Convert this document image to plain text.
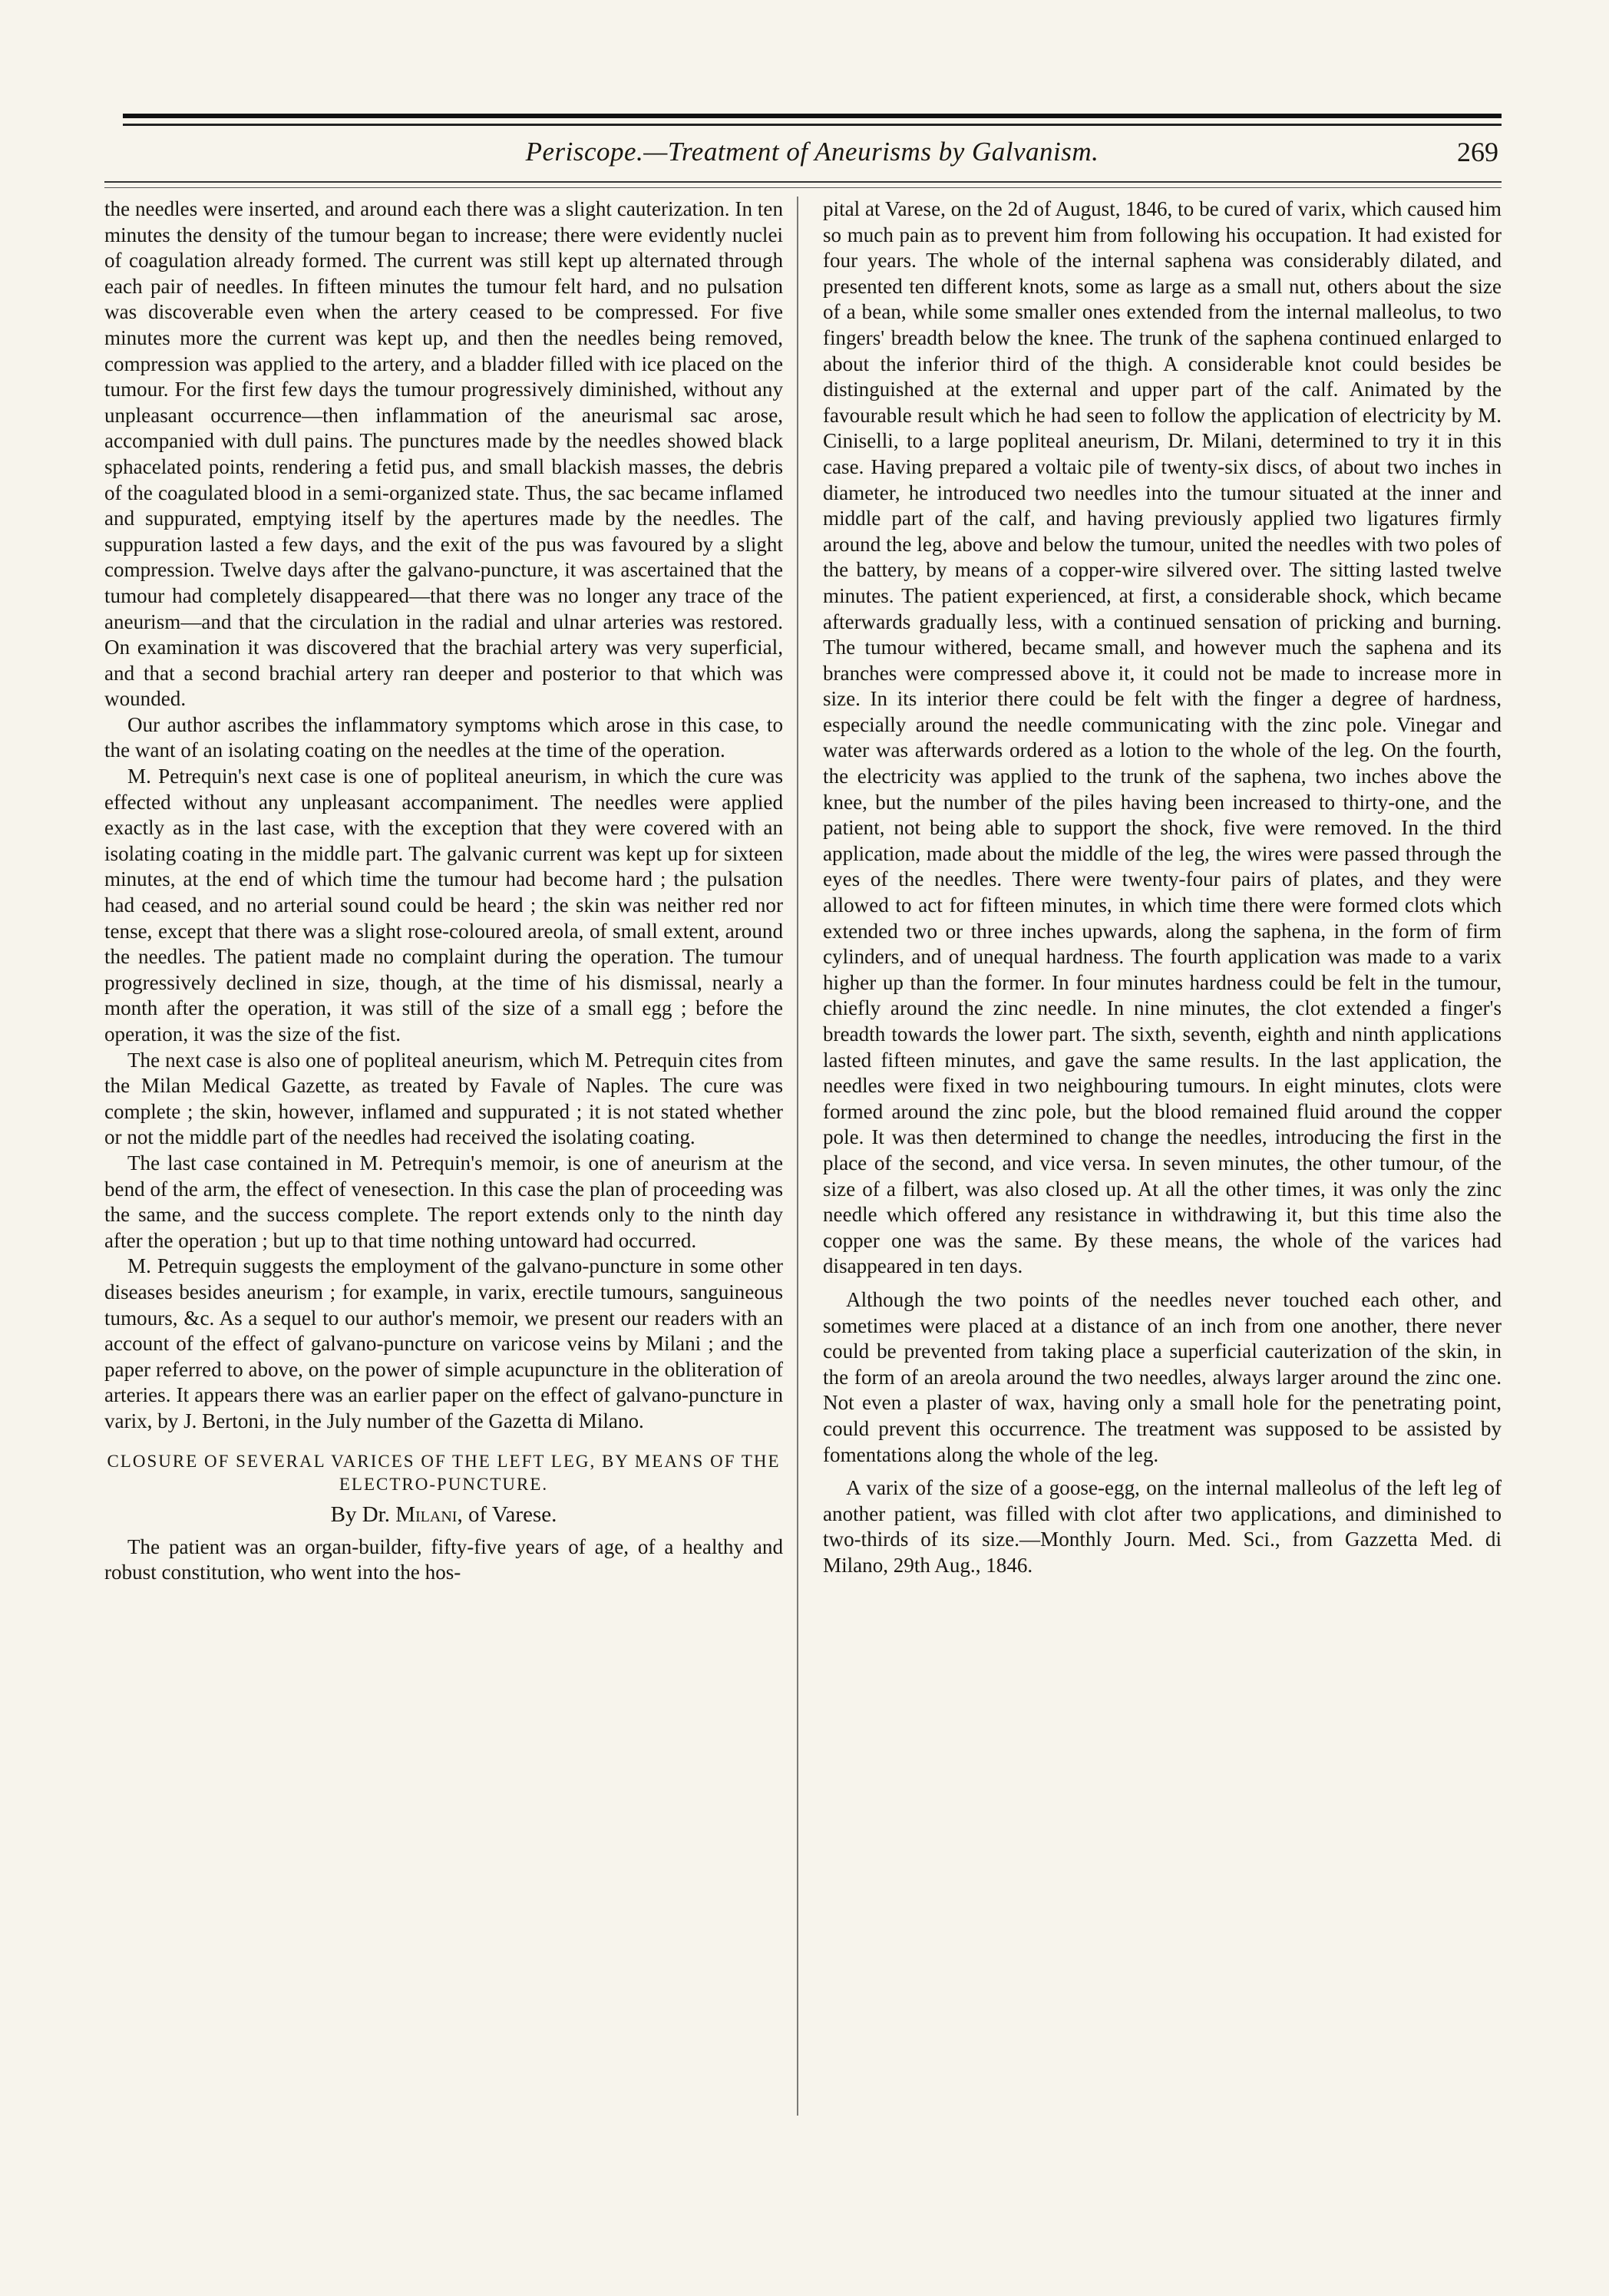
Periscope.—Treatment of Aneurisms by Galvanism.	269

the needles were inserted, and around each there was a slight cauterization. In ten minutes the density of the tumour began to increase; there were evidently nuclei of coagulation already formed. The current was still kept up alternated through each pair of needles. In fifteen minutes the tumour felt hard, and no pulsation was discoverable even when the artery ceased to be compressed. For five minutes more the current was kept up, and then the needles being removed, compression was applied to the artery, and a bladder filled with ice placed on the tumour. For the first few days the tumour progressively diminished, without any unpleasant occurrence—then inflammation of the aneurismal sac arose, accompanied with dull pains. The punctures made by the needles showed black sphacelated points, rendering a fetid pus, and small blackish masses, the debris of the coagulated blood in a semi-organized state. Thus, the sac became inflamed and suppurated, emptying itself by the apertures made by the needles. The suppuration lasted a few days, and the exit of the pus was favoured by a slight compression. Twelve days after the galvano-puncture, it was ascertained that the tumour had completely disappeared—that there was no longer any trace of the aneurism—and that the circulation in the radial and ulnar arteries was restored. On examination it was discovered that the brachial artery was very superficial, and that a second brachial artery ran deeper and posterior to that which was wounded.

Our author ascribes the inflammatory symptoms which arose in this case, to the want of an isolating coating on the needles at the time of the operation.

M. Petrequin's next case is one of popliteal aneurism, in which the cure was effected without any unpleasant accompaniment. The needles were applied exactly as in the last case, with the exception that they were covered with an isolating coating in the middle part. The galvanic current was kept up for sixteen minutes, at the end of which time the tumour had become hard ; the pulsation had ceased, and no arterial sound could be heard ; the skin was neither red nor tense, except that there was a slight rose-coloured areola, of small extent, around the needles. The patient made no complaint during the operation. The tumour progressively declined in size, though, at the time of his dismissal, nearly a month after the operation, it was still of the size of a small egg ; before the operation, it was the size of the fist.

The next case is also one of popliteal aneurism, which M. Petrequin cites from the Milan Medical Gazette, as treated by Favale of Naples. The cure was complete ; the skin, however, inflamed and suppurated ; it is not stated whether or not the middle part of the needles had received the isolating coating.

The last case contained in M. Petrequin's memoir, is one of aneurism at the bend of the arm, the effect of venesection. In this case the plan of proceeding was the same, and the success complete. The report extends only to the ninth day after the operation ; but up to that time nothing untoward had occurred.

M. Petrequin suggests the employment of the galvano-puncture in some other diseases besides aneurism ; for example, in varix, erectile tumours, sanguineous tumours, &c. As a sequel to our author's memoir, we present our readers with an account of the effect of galvano-puncture on varicose veins by Milani ; and the paper referred to above, on the power of simple acupuncture in the obliteration of arteries. It appears there was an earlier paper on the effect of galvano-puncture in varix, by J. Bertoni, in the July number of the Gazetta di Milano.

CLOSURE OF SEVERAL VARICES OF THE LEFT LEG, BY MEANS OF THE ELECTRO-PUNCTURE.
By Dr. Milani, of Varese.

The patient was an organ-builder, fifty-five years of age, of a healthy and robust constitution, who went into the hos-

pital at Varese, on the 2d of August, 1846, to be cured of varix, which caused him so much pain as to prevent him from following his occupation. It had existed for four years. The whole of the internal saphena was considerably dilated, and presented ten different knots, some as large as a small nut, others about the size of a bean, while some smaller ones extended from the internal malleolus, to two fingers' breadth below the knee. The trunk of the saphena continued enlarged to about the inferior third of the thigh. A considerable knot could besides be distinguished at the external and upper part of the calf. Animated by the favourable result which he had seen to follow the application of electricity by M. Ciniselli, to a large popliteal aneurism, Dr. Milani, determined to try it in this case. Having prepared a voltaic pile of twenty-six discs, of about two inches in diameter, he introduced two needles into the tumour situated at the inner and middle part of the calf, and having previously applied two ligatures firmly around the leg, above and below the tumour, united the needles with two poles of the battery, by means of a copper-wire silvered over. The sitting lasted twelve minutes. The patient experienced, at first, a considerable shock, which became afterwards gradually less, with a continued sensation of pricking and burning. The tumour withered, became small, and however much the saphena and its branches were compressed above it, it could not be made to increase more in size. In its interior there could be felt with the finger a degree of hardness, especially around the needle communicating with the zinc pole. Vinegar and water was afterwards ordered as a lotion to the whole of the leg. On the fourth, the electricity was applied to the trunk of the saphena, two inches above the knee, but the number of the piles having been increased to thirty-one, and the patient, not being able to support the shock, five were removed. In the third application, made about the middle of the leg, the wires were passed through the eyes of the needles. There were twenty-four pairs of plates, and they were allowed to act for fifteen minutes, in which time there were formed clots which extended two or three inches upwards, along the saphena, in the form of firm cylinders, and of unequal hardness. The fourth application was made to a varix higher up than the former. In four minutes hardness could be felt in the tumour, chiefly around the zinc needle. In nine minutes, the clot extended a finger's breadth towards the lower part. The sixth, seventh, eighth and ninth applications lasted fifteen minutes, and gave the same results. In the last application, the needles were fixed in two neighbouring tumours. In eight minutes, clots were formed around the zinc pole, but the blood remained fluid around the copper pole. It was then determined to change the needles, introducing the first in the place of the second, and vice versa. In seven minutes, the other tumour, of the size of a filbert, was also closed up. At all the other times, it was only the zinc needle which offered any resistance in withdrawing it, but this time also the copper one was the same. By these means, the whole of the varices had disappeared in ten days.

Although the two points of the needles never touched each other, and sometimes were placed at a distance of an inch from one another, there never could be prevented from taking place a superficial cauterization of the skin, in the form of an areola around the two needles, always larger around the zinc one. Not even a plaster of wax, having only a small hole for the penetrating point, could prevent this occurrence. The treatment was supposed to be assisted by fomentations along the whole of the leg.

A varix of the size of a goose-egg, on the internal malleolus of the left leg of another patient, was filled with clot after two applications, and diminished to two-thirds of its size.—Monthly Journ. Med. Sci., from Gazzetta Med. di Milano, 29th Aug., 1846.
